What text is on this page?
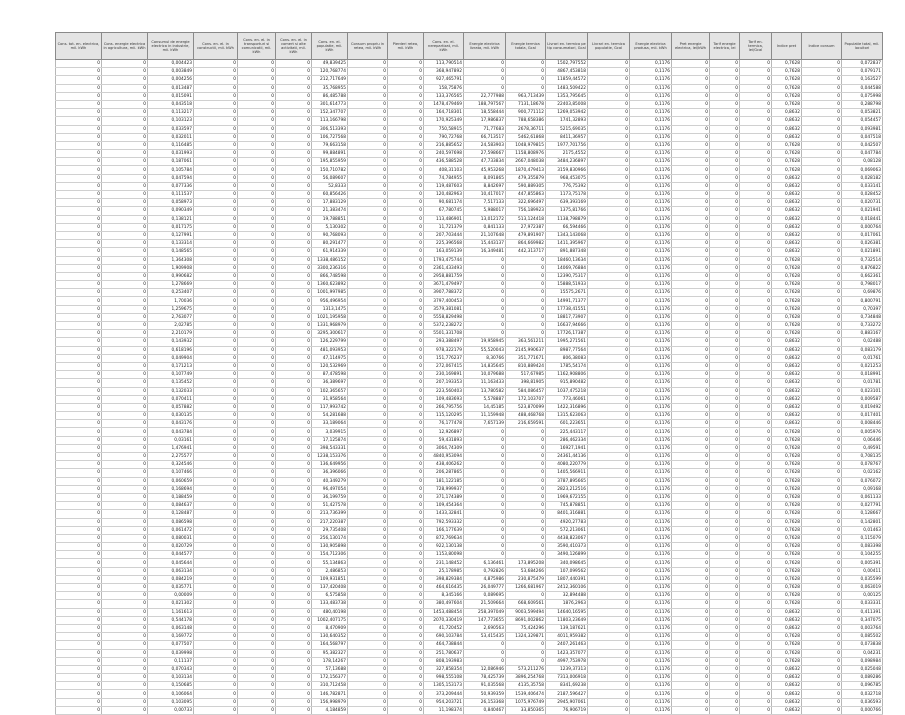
Cons. tot. en. electrica, mil. kWh	Cons. energie electrica in agricultura, mii. kWh	Consumul de energie electrica in industrie, mii. kWh	Cons. en. el. in constructii, mii. kWh	Cons. en. el. in transporturi si comunicatii, mii. kWh	Cons. en. el. in comert si alte activitati, mii. kWh	Cons. en. el. populatie, mii. kWh	Consum propriu in retea, mii. kWh	Pierderi retea, mii. kWh	Cons. en. el. nerepartizat, mii. kWh	Energie electrica livrata, mii. kWh	Energie termica totala, Gcal	Livrari en. termica pe tip consumatori, Gcal	Livrari en. termica populatie, Gcal	Energie electrica produsa, mii. kWh	Pret energie electrica, lei/kWh	Tarif energie electrica, lei	Tarif en. termica, lei/Gcal	Indice pret	Indice consum	Populatie total, mii. locuitori
0	0	0,004423	0	0	0	49,839425	0	0	113,790514	0	0	1502,797552	0	0,1176	0	0	0	0,7628	0	0,072837
0	0	0,003849	0	0	0	120,768774	0	0	368,947892	0	0	4867,453818	0	0,1176	0	0	0	0,7628	0	0,079171
0	0	0,004256	0	0	0	212,717649	0	0	927,465791	0	0	11859,44572	0	0,1176	0	0	0	0,7628	0	0,163527
0	0	0,013487	0	0	0	35,768955	0	0	158,75876	0	0	1483,509422	0	0,1176	0	0	0	0,7628	0	0,044588
0	0	0,015091	0	0	0	86,485788	0	0	133,376565	22,777988	963,713439	1353,795645	0	0,1176	0	0	0	0,7628	0	0,075998
0	0	0,043518	0	0	0	301,614773	0	0	1478,479469	188,797567	7131,18678	22403,85008	0	0,1176	0	0	0	0,7628	0	0,288798
0	0	0,113217	0	0	0	152,347707	0	0	164,718301	18,558444	900,771112	1269,053942	0	0,1176	0	0	0	0,8632	0	0,053821
0	0	0,103123	0	0	0	113,166798	0	0	170,925349	17,986837	788,658386	1741,32893	0	0,1176	0	0	0	0,8632	0	0,054457
0	0	0,033597	0	0	0	306,513393	0	0	750,58915	71,77683	2678,36711	5215,69035	0	0,1176	0	0	0	0,8632	0	0,093981
0	0	0,032011	0	0	0	106,727568	0	0	790,72768	66,713517	5462,61868	8411,36957	0	0,1176	0	0	0	0,8632	0	0,047518
0	0	0,116485	0	0	0	79,663158	0	0	216,885652	24,583903	1048,979815	1977,701756	0	0,1176	0	0	0	0,7628	0	0,042507
0	0	0,031993	0	0	0	99,884891	0	0	240,597698	27,598667	1158,808976	2175,4552	0	0,1176	0	0	0	0,7628	0	0,047784
0	0	0,187061	0	0	0	195,855959	0	0	436,588528	47,733834	2667,048038	3484,236897	0	0,1176	0	0	0	0,7628	0	0,08128
0	0	0,105784	0	0	0	150,710782	0	0	408,31103	45,953268	1870,479413	3159,830966	0	0,1176	0	0	0	0,7628	0	0,069063
0	0	0,047594	0	0	0	56,089607	0	0	74,784955	8,091865	479,355879	968,453075	0	0,1176	0	0	0	0,8632	0	0,028182
0	0	0,077336	0	0	0	52,8333	0	0	119,487603	8,842697	590,889305	776,75392	0	0,1176	0	0	0	0,8632	0	0,033141
0	0	0,111537	0	0	0	60,856426	0	0	120,482963	10,417017	447,855863	1173,75178	0	0,1176	0	0	0	0,8632	0	0,028452
0	0	0,058973	0	0	0	17,883129	0	0	90,681174	7,517133	322,696497	639,393169	0	0,1176	0	0	0	0,8632	0	0,020731
0	0	0,090349	0	0	0	21,383474	0	0	67,780745	5,988017	756,189923	1375,81766	0	0,1176	0	0	0	0,8632	0	0,021941
0	0	0,138121	0	0	0	19,788851	0	0	113,486901	13,012172	513,124418	1138,798879	0	0,1176	0	0	0	0,8632	0	0,018441
0	0	0,017175	0	0	0	5,130302	0	0	11,721379	0,841133	27,972387	66,594466	0	0,1176	0	0	0	0,8632	0	0,000764
0	0	0,127991	0	0	0	90,768093	0	0	207,703444	21,107648	479,891907	1343,143068	0	0,1176	0	0	0	0,8632	0	0,017061
0	0	0,133314	0	0	0	80,291477	0	0	225,396568	15,443137	864,669982	1411,395967	0	0,1176	0	0	0	0,8632	0	0,026381
0	0	0,148565	0	0	0	61,914339	0	0	163,059139	16,349481	442,313717	891,887348	0	0,1176	0	0	0	0,8632	0	0,021891
0	0	1,364308	0	0	0	1338,486152	0	0	1793,475744	0	0	18460,13634	0	0,1176	0	0	0	0,7628	0	0,732514
0	0	1,909908	0	0	0	3300,236316	0	0	2361,433493	0	0	14069,76884	0	0,1176	0	0	0	0,7628	0	0,876822
0	0	0,990682	0	0	0	866,748598	0	0	2958,881759	0	0	12390,75317	0	0,1176	0	0	0	0,7628	0	0,662361
0	0	1,278669	0	0	0	1360,623892	0	0	3671,479497	0	0	15888,51933	0	0,1176	0	0	0	0,7628	0	0,798017
0	0	0,253407	0	0	0	1001,997985	0	0	3907,788372	0	0	15575,2671	0	0,1176	0	0	0	0,7628	0	0,69876
0	0	1,70036	0	0	0	956,496954	0	0	3797,400453	0	0	14991,71377	0	0,1176	0	0	0	0,7628	0	0,800791
0	0	1,259675	0	0	0	1313,1475	0	0	3579,381081	0	0	17738,41551	0	0,1176	0	0	0	0,7628	0	0,70397
0	0	2,763077	0	0	0	1021,195958	0	0	5558,829498	0	0	18817,73907	0	0,1176	0	0	0	0,7628	0	0,734848
0	0	2,02785	0	0	0	1331,968979	0	0	5372,238272	0	0	16637,94666	0	0,1176	0	0	0	0,7628	0	0,733272
0	0	2,210179	0	0	0	3295,300617	0	0	5501,331708	0	0	17726,17387	0	0,1176	0	0	0	0,7628	0	0,883167
0	0	0,143932	0	0	0	126,229799	0	0	293,388497	19,958945	363,561211	1995,271561	0	0,1176	0	0	0	0,8632	0	0,02488
0	0	0,618196	0	0	0	481,093953	0	0	978,322179	55,520043	2145,990637	8987,77564	0	0,1176	0	0	0	0,8632	0	0,083179
0	0	0,049904	0	0	0	47,114975	0	0	151,776237	8,30766	351,771671	806,38083	0	0,1176	0	0	0	0,8632	0	0,01761
0	0	0,171213	0	0	0	120,532969	0	0	272,067415	14,835645	810,889424	1785,54174	0	0,1176	0	0	0	0,8632	0	0,021253
0	0	0,107749	0	0	0	87,478598	0	0	230,169891	10,079688	517,67985	1162,908806	0	0,1176	0	0	0	0,8632	0	0,018991
0	0	0,135452	0	0	0	36,389697	0	0	207,193353	11,163433	398,81905	915,890482	0	0,1176	0	0	0	0,8632	0	0,01781
0	0	0,132033	0	0	0	102,365657	0	0	223,560403	13,780582	584,086457	1037,475218	0	0,1176	0	0	0	0,8632	0	0,023101
0	0	0,070411	0	0	0	31,958564	0	0	109,483693	5,578887	172,103707	773,46061	0	0,1176	0	0	0	0,8632	0	0,009587
0	0	0,057882	0	0	0	117,993742	0	0	266,795756	14,45185	523,870099	1422,316896	0	0,1176	0	0	0	0,8632	0	0,019492
0	0	0,030135	0	0	0	54,281688	0	0	115,120295	11,159948	488,468768	1315,623063	0	0,1176	0	0	0	0,8632	0	0,017401
0	0	0,043176	0	0	0	33,189064	0	0	76,177478	7,657139	216,659591	601,223651	0	0,1176	0	0	0	0,8632	0	0,008446
0	0	0,043784	0	0	0	3,039915	0	0	12,926897	0	0	225,443117	0	0,1176	0	0	0	0,7628	0	0,005976
0	0	0,03161	0	0	0	17,125874	0	0	59,431893	0	0	286,462334	0	0,1176	0	0	0	0,7628	0	0,06446
0	0	1,476941	0	0	0	398,543331	0	0	3064,74309	0	0	16927,1941	0	0,1176	0	0	0	0,7628	0	0,49591
0	0	2,275577	0	0	0	1238,153376	0	0	4840,953094	0	0	24361,44136	0	0,1176	0	0	0	0,7628	0	0,708135
0	0	0,324546	0	0	0	136,649956	0	0	438,406262	0	0	4080,220779	0	0,1176	0	0	0	0,7628	0	0,078767
0	0	0,107466	0	0	0	36,396066	0	0	206,287865	0	0	1405,566911	0	0,1176	0	0	0	0,7628	0	0,02162
0	0	0,060659	0	0	0	40,349279	0	0	181,122185	0	0	3787,895665	0	0,1176	0	0	0	0,7628	0	0,076072
0	0	0,168694	0	0	0	96,497054	0	0	728,999937	0	0	2823,212516	0	0,1176	0	0	0	0,7628	0	0,09168
0	0	0,188459	0	0	0	36,199759	0	0	371,174389	0	0	1969,672155	0	0,1176	0	0	0	0,7628	0	0,061133
0	0	0,084637	0	0	0	51,427578	0	0	109,454364	0	0	745,878851	0	0,1176	0	0	0	0,7628	0	0,027791
0	0	0,128487	0	0	0	213,736399	0	0	1433,32841	0	0	8401,316881	0	0,1176	0	0	0	0,7628	0	0,128667
0	0	0,086598	0	0	0	217,220387	0	0	792,593332	0	0	4920,27783	0	0,1176	0	0	0	0,7628	0	0,142801
0	0	0,061472	0	0	0	29,735408	0	0	166,177639	0	0	572,213061	0	0,1176	0	0	0	0,7628	0	0,01463
0	0	0,080031	0	0	0	256,130174	0	0	872,769634	0	0	4438,823067	0	0,1176	0	0	0	0,7628	0	0,115079
0	0	0,020729	0	0	0	130,905898	0	0	922,130138	0	0	3590,410373	0	0,1176	0	0	0	0,7628	0	0,083398
0	0	0,044577	0	0	0	154,712306	0	0	1153,80098	0	0	3490,126899	0	0,1176	0	0	0	0,7628	0	0,104255
0	0	0,045644	0	0	0	55,134863	0	0	231,148452	6,136461	173,895208	340,098645	0	0,1176	0	0	0	0,7628	0	0,005391
0	0	0,063134	0	0	0	2,486853	0	0	25,178985	0,792826	53,684266	107,099562	0	0,1176	0	0	0	0,7628	0	0,00411
0	0	0,084219	0	0	0	109,931851	0	0	398,829384	4,875986	230,875479	1807,440391	0	0,1176	0	0	0	0,7628	0	0,035599
0	0	0,035771	0	0	0	137,420408	0	0	464,616435	26,049777	1266,681967	2412,360106	0	0,1176	0	0	0	0,7628	0	0,063019
0	0	0,00009	0	0	0	6,575858	0	0	8,345166	0,089695	0	32,894488	0	0,1176	0	0	0	0,7628	0	0,00125
0	0	0,021302	0	0	0	133,483738	0	0	380,497604	21,509664	668,609561	1876,2963	0	0,1176	0	0	0	0,7628	0	0,033331
0	0	1,161613	0	0	0	480,40198	0	0	1453,488454	258,397049	9003,599494	14640,16595	0	0,1176	0	0	0	0,8632	0	0,411391
0	0	0,544178	0	0	0	1002,407175	0	0	2070,330419	147,773655	8691,002862	11803,23649	0	0,1176	0	0	0	0,8632	0	0,347075
0	0	0,063148	0	0	0	8,470909	0	0	41,720452	2,690563	75,424296	139,187621	0	0,1176	0	0	0	0,8632	0	0,003764
0	0	0,169772	0	0	0	130,640352	0	0	690,103784	53,415435	1324,329871	4011,959382	0	0,1176	0	0	0	0,7628	0	0,085502
0	0	0,077507	0	0	0	164,568797	0	0	464,738844	0	0	2407,261463	0	0,1176	0	0	0	0,7628	0	0,073838
0	0	0,039998	0	0	0	95,382327	0	0	251,780637	0	0	1423,357077	0	0,1176	0	0	0	0,7628	0	0,04231
0	0	0,11137	0	0	0	178,14267	0	0	808,193983	0	0	4997,753978	0	0,1176	0	0	0	0,7628	0	0,098984
0	0	0,070343	0	0	0	57,13688	0	0	327,858354	12,086946	573,211276	1239,37313	0	0,1176	0	0	0	0,8632	0	0,025048
0	0	0,103134	0	0	0	172,156377	0	0	998,555108	78,425739	3896,254768	7313,006918	0	0,1176	0	0	0	0,8632	0	0,089286
0	0	0,150685	0	0	0	310,712458	0	0	1305,153173	91,035568	4135,35758	8341,69238	0	0,1176	0	0	0	0,8632	0	0,096785
0	0	0,106064	0	0	0	146,782871	0	0	373,209444	50,939359	1539,406474	2187,596427	0	0,1176	0	0	0	0,8632	0	0,032718
0	0	0,103095	0	0	0	156,998979	0	0	954,203721	26,153368	1075,976749	2945,907061	0	0,1176	0	0	0	0,8632	0	0,036593
0	0	0,00733	0	0	0	4,184859	0	0	11,198374	0,840467	33,850365	76,906719	0	0,1176	0	0	0	0,8632	0	0,000766
